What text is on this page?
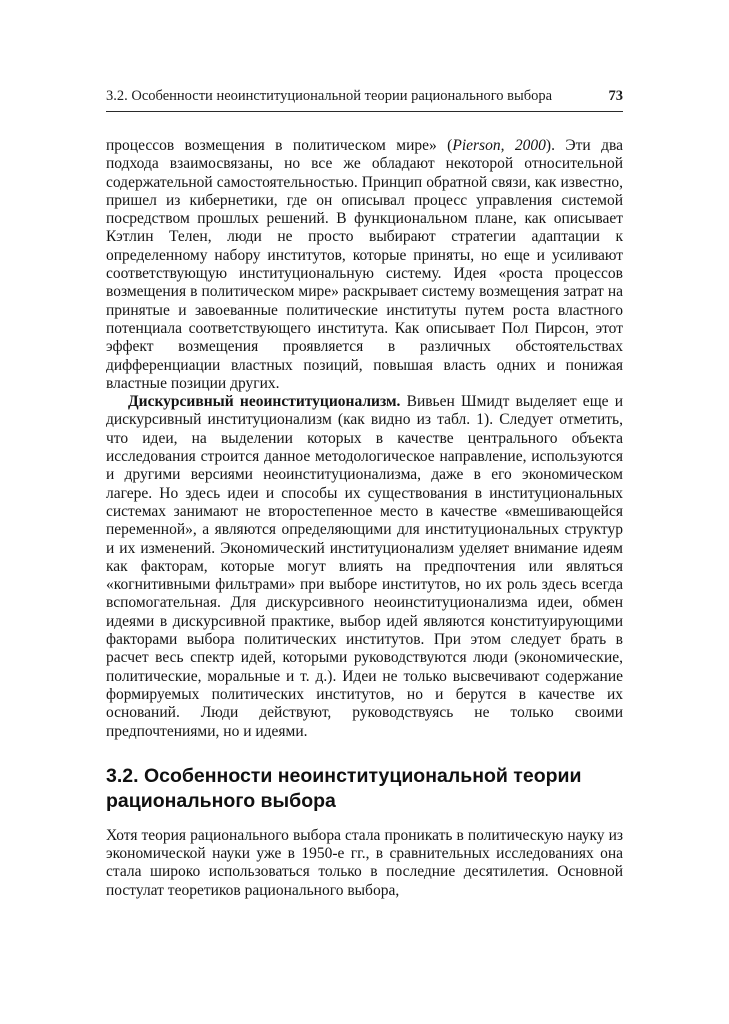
3.2. Особенности неоинституциональной теории рационального выбора	73

процессов возмещения в политическом мире» (Pierson, 2000). Эти два подхода взаимосвязаны, но все же обладают некоторой относительной содержательной самостоятельностью. Принцип обратной связи, как известно, пришел из кибернетики, где он описывал процесс управления системой посредством прошлых решений. В функциональном плане, как описывает Кэтлин Телен, люди не просто выбирают стратегии адаптации к определенному набору институтов, которые приняты, но еще и усиливают соответствующую институциональную систему. Идея «роста процессов возмещения в политическом мире» раскрывает систему возмещения затрат на принятые и завоеванные политические институты путем роста властного потенциала соответствующего института. Как описывает Пол Пирсон, этот эффект возмещения проявляется в различных обстоятельствах дифференциации властных позиций, повышая власть одних и понижая властные позиции других.

Дискурсивный неоинституционализм. Вивьен Шмидт выделяет еще и дискурсивный институционализм (как видно из табл. 1). Следует отметить, что идеи, на выделении которых в качестве центрального объекта исследования строится данное методологическое направление, используются и другими версиями неоинституционализма, даже в его экономическом лагере. Но здесь идеи и способы их существования в институциональных системах занимают не второстепенное место в качестве «вмешивающейся переменной», а являются определяющими для институциональных структур и их изменений. Экономический институционализм уделяет внимание идеям как факторам, которые могут влиять на предпочтения или являться «когнитивными фильтрами» при выборе институтов, но их роль здесь всегда вспомогательная. Для дискурсивного неоинституционализма идеи, обмен идеями в дискурсивной практике, выбор идей являются конституирующими факторами выбора политических институтов. При этом следует брать в расчет весь спектр идей, которыми руководствуются люди (экономические, политические, моральные и т. д.). Идеи не только высвечивают содержание формируемых политических институтов, но и берутся в качестве их оснований. Люди действуют, руководствуясь не только своими предпочтениями, но и идеями.

3.2. Особенности неоинституциональной теории рационального выбора

Хотя теория рационального выбора стала проникать в политическую науку из экономической науки уже в 1950-е гг., в сравнительных исследованиях она стала широко использоваться только в последние десятилетия. Основной постулат теоретиков рационального выбора,
